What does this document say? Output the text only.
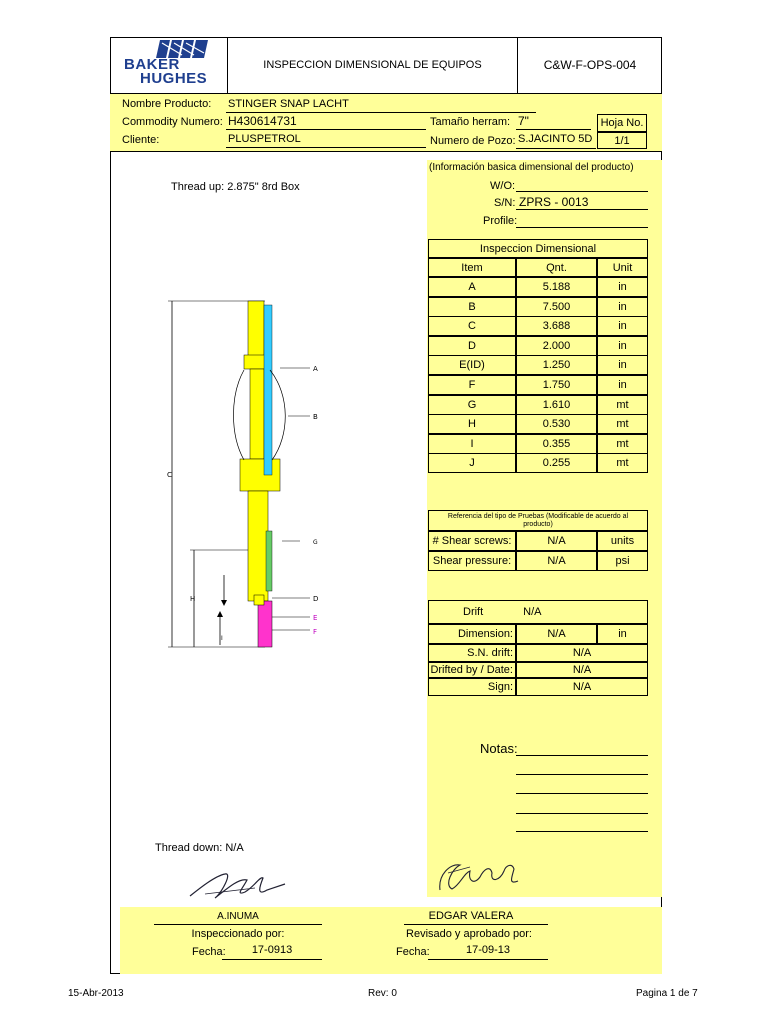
BAKER
HUGHES
INSPECCION DIMENSIONAL DE EQUIPOS	C&W-F-OPS-004
Nombre Producto: STINGER SNAP LACHT
Commodity Numero: H430614731
Cliente:	PLUSPETROL
Tamaño herram: 7"
Numero de Pozo: S.JACINTO 5D
Hoja No.
1/1
Thread up: 2.875" 8rd Box
Thread down: N/A
C
H
I
A
B
G
D
E
F
(Información basica dimensional del producto)
W/O:
S/N: ZPRS - 0013
Profile:
Inspeccion Dimensional
Item	Qnt.	Unit
A	5.188	in
B	7.500	in
C	3.688	in
D	2.000	in
E(ID)	1.250	in
F	1.750	in
G	1.610	mt
H	0.530	mt
I	0.355	mt
J	0.255	mt
Referencia del tipo de Pruebas (Modificable de acuerdo al producto)
# Shear screws:	N/A	units
Shear pressure:	N/A	psi
Drift	N/A
Dimension:	N/A	in
S.N. drift:	N/A
Drifted by / Date:	N/A
Sign:	N/A
Notas:
A.INUMA
Inspeccionado por:
Fecha:	17-0913
EDGAR VALERA
Revisado y aprobado por:
Fecha:	17-09-13
15-Abr-2013	Rev: 0	Pagina 1 de 7
